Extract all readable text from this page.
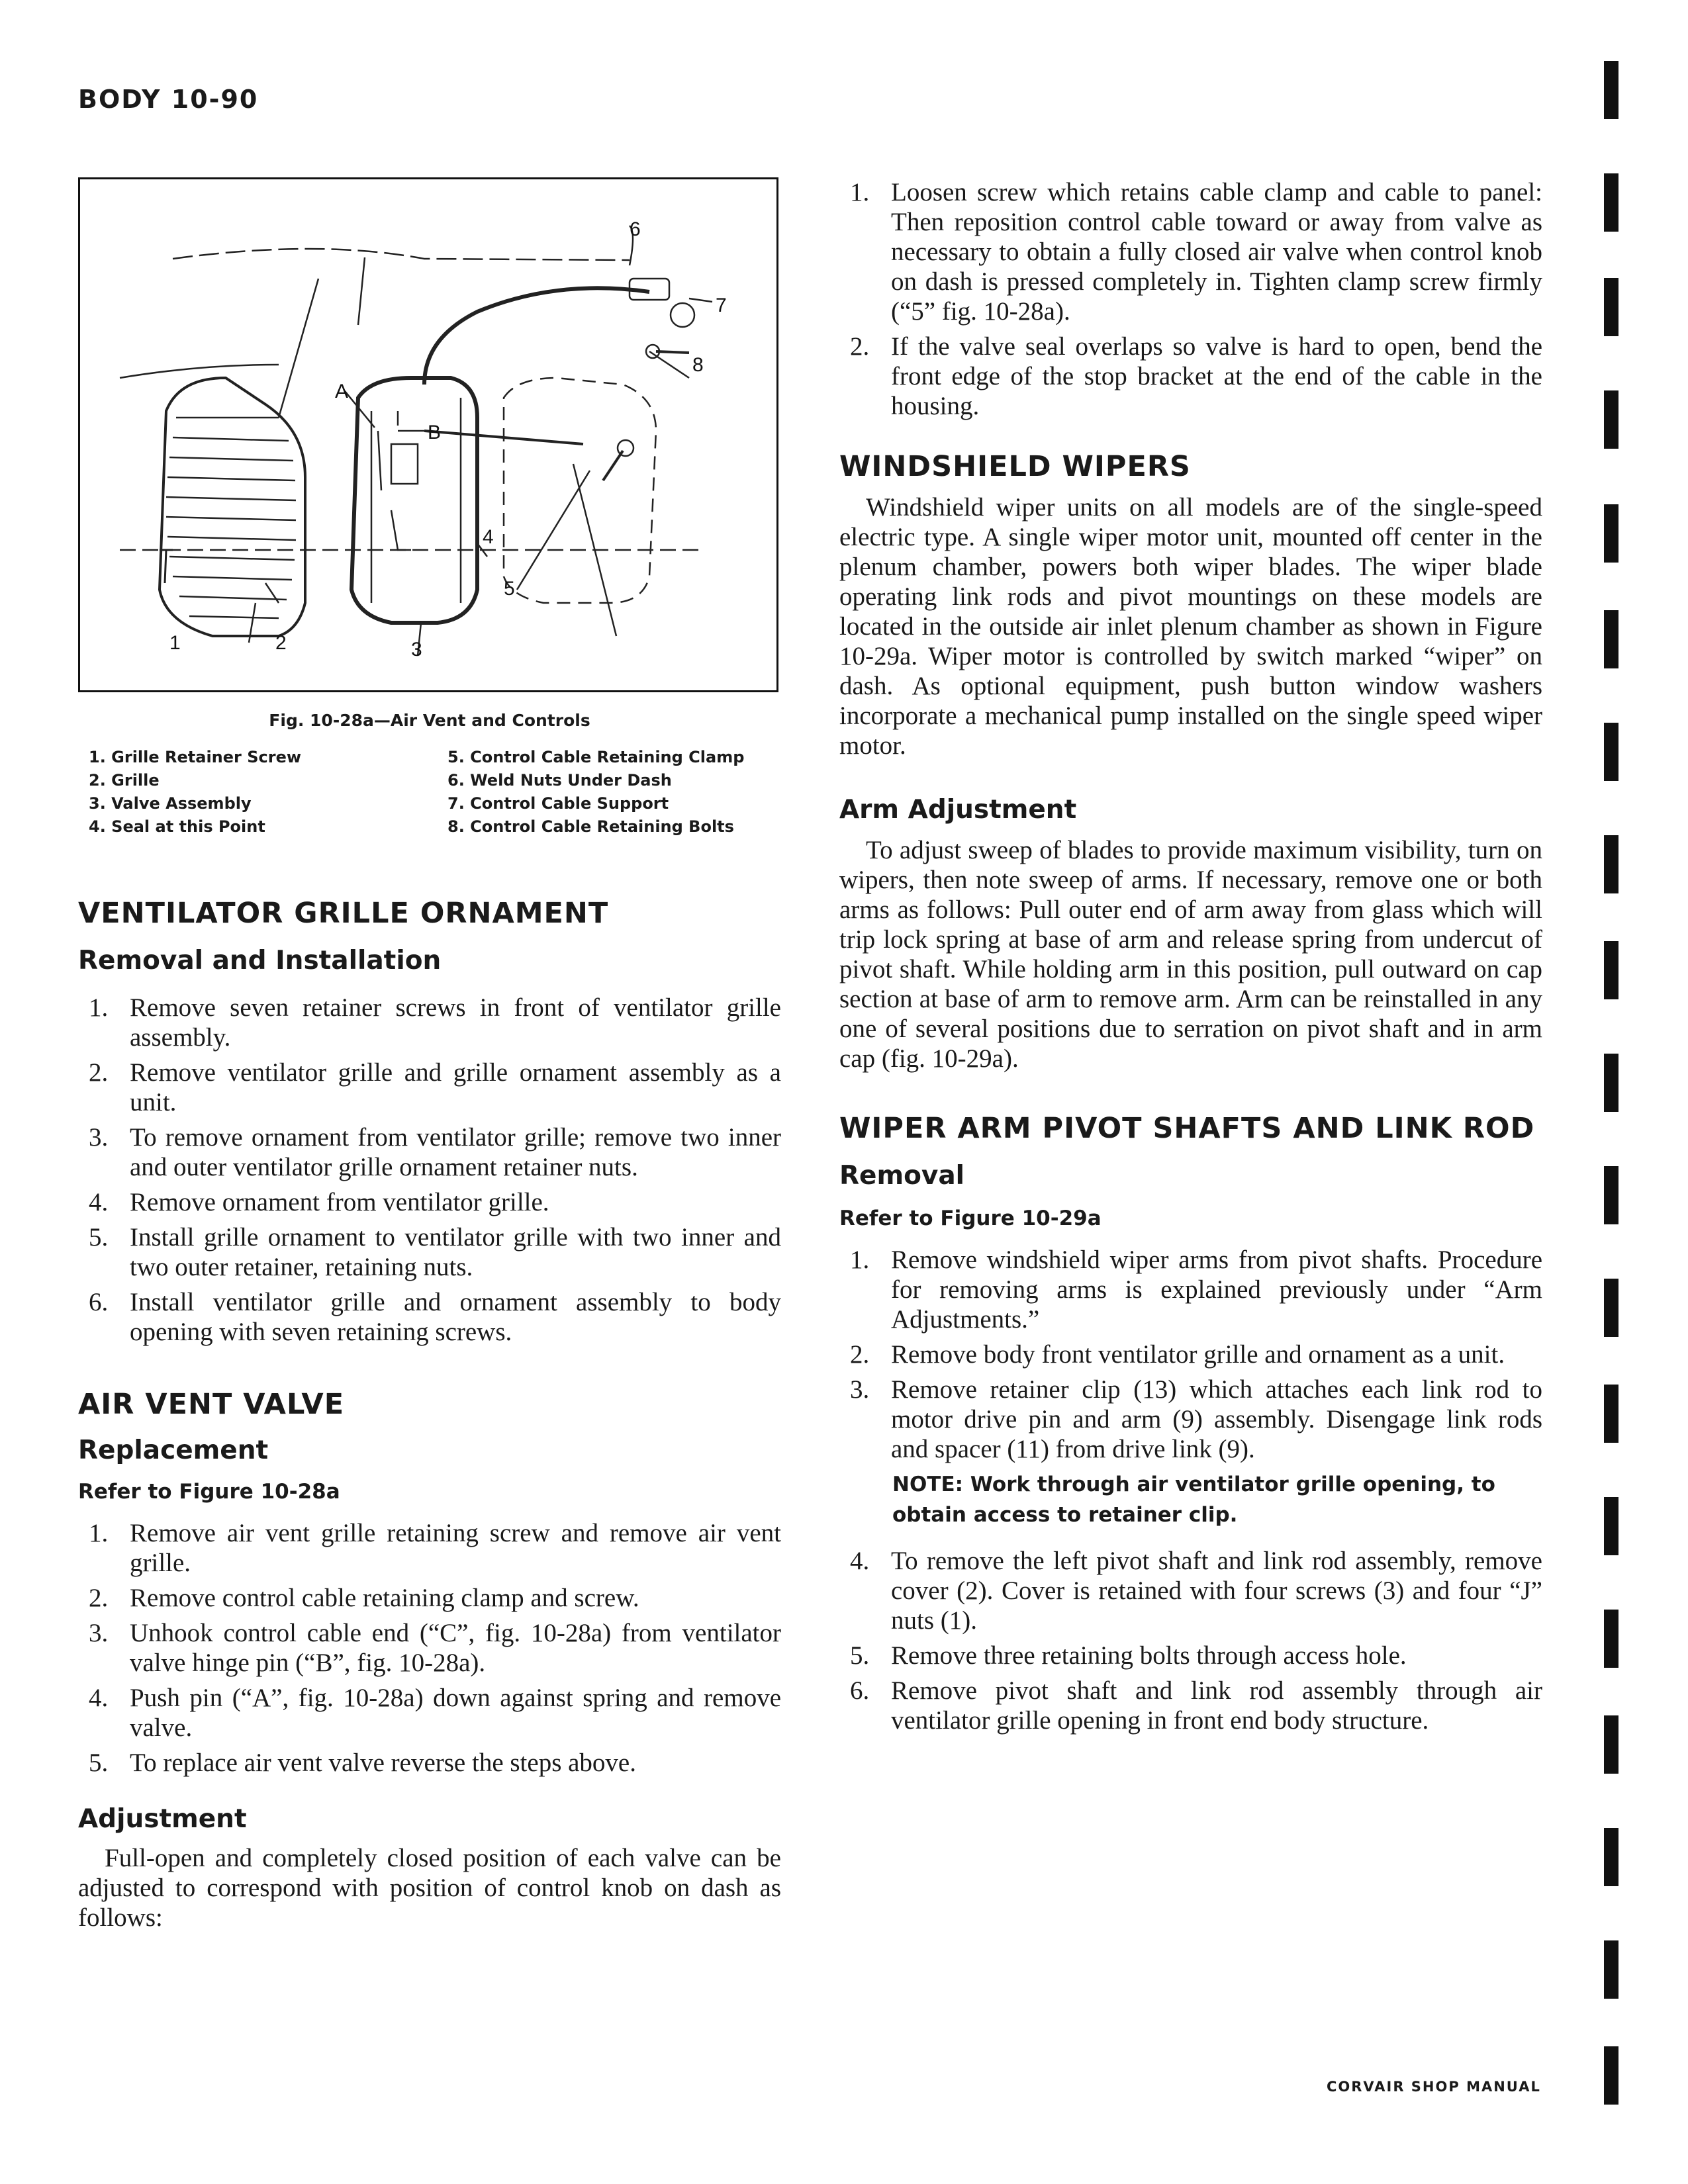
BODY 10-90
6
7
8
A
B
4
5
1	2	3
Fig. 10-28a—Air Vent and Controls
1. Grille Retainer Screw
2. Grille
3. Valve Assembly
4. Seal at this Point
5. Control Cable Retaining Clamp
6. Weld Nuts Under Dash
7. Control Cable Support
8. Control Cable Retaining Bolts
VENTILATOR GRILLE ORNAMENT
Removal and Installation
1. Remove seven retainer screws in front of ventilator grille assembly.
2. Remove ventilator grille and grille ornament assembly as a unit.
3. To remove ornament from ventilator grille; remove two inner and outer ventilator grille ornament retainer nuts.
4. Remove ornament from ventilator grille.
5. Install grille ornament to ventilator grille with two inner and two outer retainer, retaining nuts.
6. Install ventilator grille and ornament assembly to body opening with seven retaining screws.
AIR VENT VALVE
Replacement
Refer to Figure 10-28a
1. Remove air vent grille retaining screw and remove air vent grille.
2. Remove control cable retaining clamp and screw.
3. Unhook control cable end (“C”, fig. 10-28a) from ventilator valve hinge pin (“B”, fig. 10-28a).
4. Push pin (“A”, fig. 10-28a) down against spring and remove valve.
5. To replace air vent valve reverse the steps above.
Adjustment

Full-open and completely closed position of each valve can be adjusted to correspond with position of control knob on dash as follows:

1. Loosen screw which retains cable clamp and cable to panel: Then reposition control cable toward or away from valve as necessary to obtain a fully closed air valve when control knob on dash is pressed completely in. Tighten clamp screw firmly (“5” fig. 10-28a).
2. If the valve seal overlaps so valve is hard to open, bend the front edge of the stop bracket at the end of the cable in the housing.
WINDSHIELD WIPERS

Windshield wiper units on all models are of the single-speed electric type. A single wiper motor unit, mounted off center in the plenum chamber, powers both wiper blades. The wiper blade operating link rods and pivot mountings on these models are located in the outside air inlet plenum chamber as shown in Figure 10-29a. Wiper motor is controlled by switch marked “wiper” on dash. As optional equipment, push button window washers incorporate a mechanical pump installed on the single speed wiper motor.

Arm Adjustment

To adjust sweep of blades to provide maximum visibility, turn on wipers, then note sweep of arms. If necessary, remove one or both arms as follows: Pull outer end of arm away from glass which will trip lock spring at base of arm and release spring from undercut of pivot shaft. While holding arm in this position, pull outward on cap section at base of arm to remove arm. Arm can be reinstalled in any one of several positions due to serration on pivot shaft and in arm cap (fig. 10-29a).

WIPER ARM PIVOT SHAFTS AND LINK ROD
Removal
Refer to Figure 10-29a
1. Remove windshield wiper arms from pivot shafts. Procedure for removing arms is explained previously under “Arm Adjustments.”
2. Remove body front ventilator grille and ornament as a unit.
3. Remove retainer clip (13) which attaches each link rod to motor drive pin and arm (9) assembly. Disengage link rods and spacer (11) from drive link (9).
NOTE: Work through air ventilator grille opening, to obtain access to retainer clip.
4. To remove the left pivot shaft and link rod assembly, remove cover (2). Cover is retained with four screws (3) and four “J” nuts (1).
5. Remove three retaining bolts through access hole.
6. Remove pivot shaft and link rod assembly through air ventilator grille opening in front end body structure.
CORVAIR SHOP MANUAL
